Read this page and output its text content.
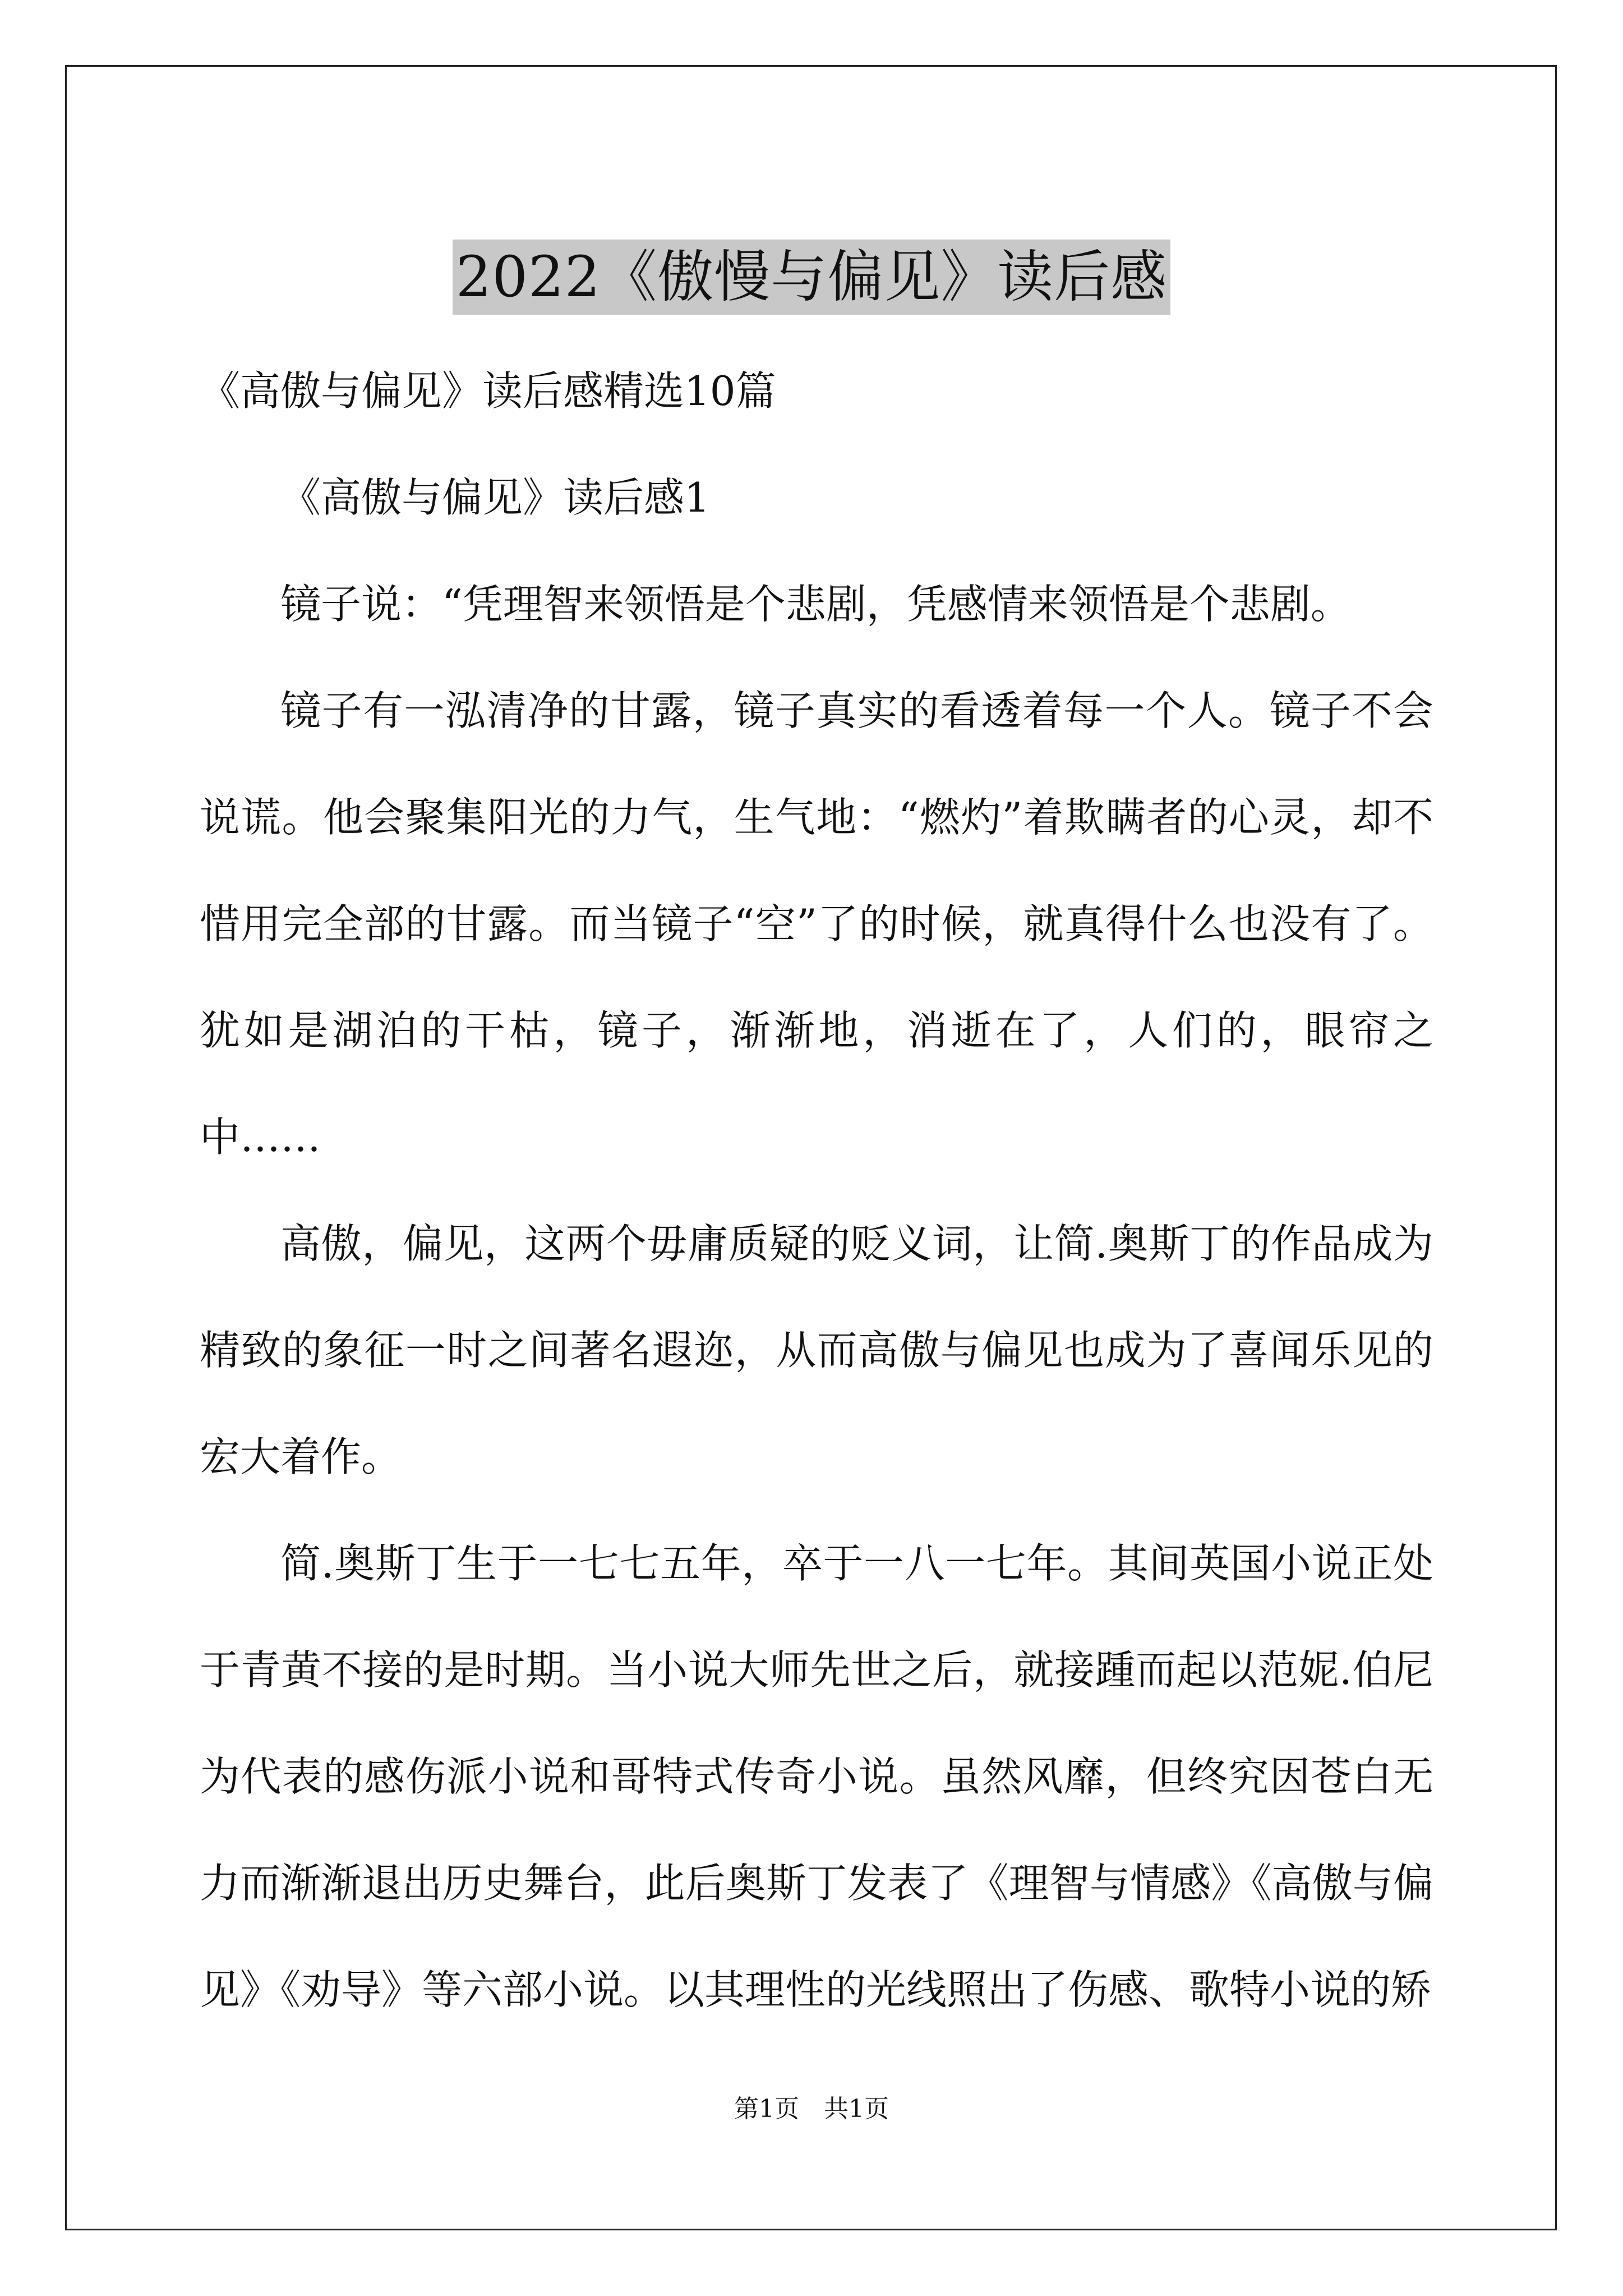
2022《傲慢与偏见》读后感

《高傲与偏见》读后感精选10篇

《高傲与偏见》读后感1

镜子说：“凭理智来领悟是个悲剧，凭感情来领悟是个悲剧。

镜子有一泓清净的甘露，镜子真实的看透着每一个人。镜子不会说谎。他会聚集阳光的力气，生气地：“燃灼”着欺瞒者的心灵，却不惜用完全部的甘露。而当镜子“空”了的时候，就真得什么也没有了。犹如是湖泊的干枯，镜子，渐渐地，消逝在了，人们的，眼帘之中……

高傲，偏见，这两个毋庸质疑的贬义词，让简.奥斯丁的作品成为精致的象征一时之间著名遐迩，从而高傲与偏见也成为了喜闻乐见的宏大着作。

简.奥斯丁生于一七七五年，卒于一八一七年。其间英国小说正处于青黄不接的是时期。当小说大师先世之后，就接踵而起以范妮.伯尼为代表的感伤派小说和哥特式传奇小说。虽然风靡，但终究因苍白无力而渐渐退出历史舞台，此后奥斯丁发表了《理智与情感》《高傲与偏见》《劝导》等六部小说。以其理性的光线照出了伤感、歌特小说的矫

第1页　共1页
